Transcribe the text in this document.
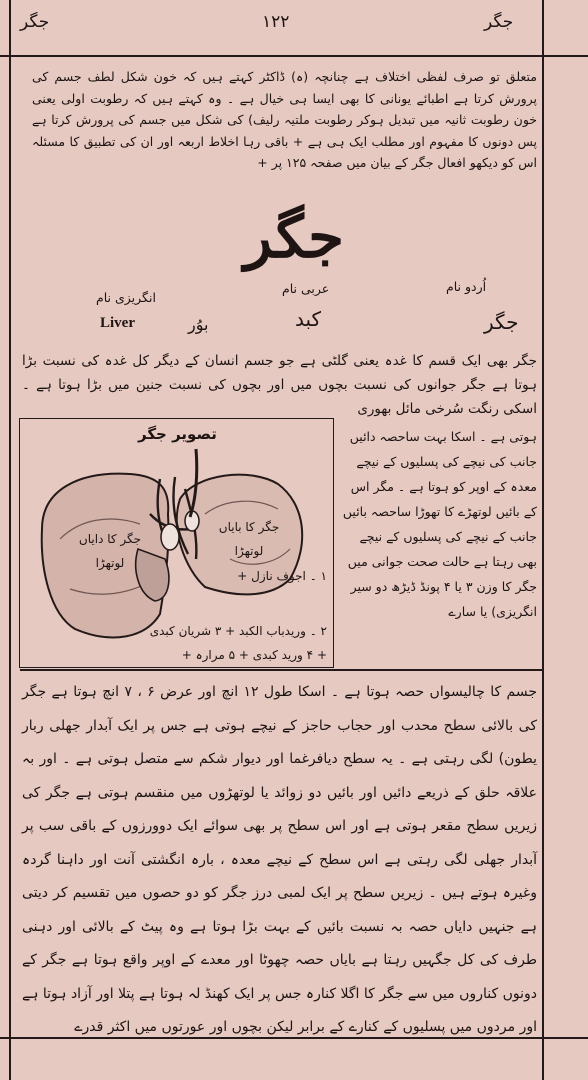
جگر	۱۲۲	جگر

متعلق تو صرف لفظی اختلاف ہے چنانچہ (ہ) ڈاکٹر کہتے ہیں کہ خون شکل لطف جسم کی پرورش کرتا ہے اطبائے یونانی کا بھی ایسا ہی خیال ہے ۔ وہ کہتے ہیں کہ رطوبت اولی یعنی خون رطوبت ثانیہ میں تبدیل ہوکر رطوبت ملتیہ رلیف) کی شکل میں جسم کی پرورش کرتا ہے پس دونوں کا مفہوم اور مطلب ایک ہی ہے + باقی رہا اخلاط اربعہ اور ان کی تطبیق کا مسئلہ اس کو دیکھو افعال جگر کے بیان میں صفحہ ۱۲۵ پر +

جگر
اُردو نام
عربی نام
انگریزی نام
جگر
کبد
بوُر
Liver

جگر بھی ایک قسم کا غدہ یعنی گلٹی ہے جو جسم انسان کے دیگر کل غدہ کی نسبت بڑا ہوتا ہے جگر جوانوں کی نسبت بچوں میں اور بچوں کی نسبت جنین میں بڑا ہوتا ہے ۔ اسکی رنگت سُرخی مائل بھوری

تصویر جگر
جگر کا دایاں لوتھڑا
جگر کا بایاں لوتھڑا
۱ ۔ اجوف نازل +
۲ ۔ وریدباب الکبد + ۳ شریان کبدی + ۴ ورید کبدی + ۵ مرارہ +

ہوتی ہے ۔ اسکا بہت ساحصہ دائیں جانب کی نیچے کی پسلیوں کے نیچے معدہ کے اوپر کو ہوتا ہے ۔ مگر اس کے بائیں لوتھڑے کا تھوڑا ساحصہ بائیں جانب کے نیچے کی پسلیوں کے نیچے بھی رہتا ہے حالت صحت جوانی میں جگر کا وزن ۳ یا ۴ پونڈ ڈیڑھ دو سیر انگریزی) یا سارے

جسم کا چالیسواں حصہ ہوتا ہے ۔ اسکا طول ۱۲ انچ اور عرض ۶ ، ۷ انچ ہوتا ہے جگر کی بالائی سطح محدب اور حجاب حاجز کے نیچے ہوتی ہے جس پر ایک آبدار جھلی ربار یطون) لگی رہتی ہے ۔ یہ سطح دیافرغما اور دیوار شکم سے متصل ہوتی ہے ۔ اور بہ علاقہ حلق کے ذریعے دائیں اور بائیں دو زوائد یا لوتھڑوں میں منقسم ہوتی ہے جگر کی زیریں سطح مقعر ہوتی ہے اور اس سطح پر بھی سوائے ایک دوورزوں کے باقی سب پر آبدار جھلی لگی رہتی ہے اس سطح کے نیچے معدہ ، بارہ انگشتی آنت اور داہنا گردہ وغیرہ ہوتے ہیں ۔ زیریں سطح پر ایک لمبی درز جگر کو دو حصوں میں تقسیم کر دیتی ہے جنہیں دایاں حصہ بہ نسبت بائیں کے بہت بڑا ہوتا ہے وہ پیٹ کے بالائی اور دہنی طرف کی کل جگہیں رہتا ہے بایاں حصہ چھوٹا اور معدے کے اوپر واقع ہوتا ہے جگر کے دونوں کناروں میں سے جگر کا اگلا کنارہ جس پر ایک کھنڈ لہ ہوتا ہے پتلا اور آزاد ہوتا ہے اور مردوں میں پسلیوں کے کنارے کے برابر لیکن بچوں اور عورتوں میں اکثر قدرے
